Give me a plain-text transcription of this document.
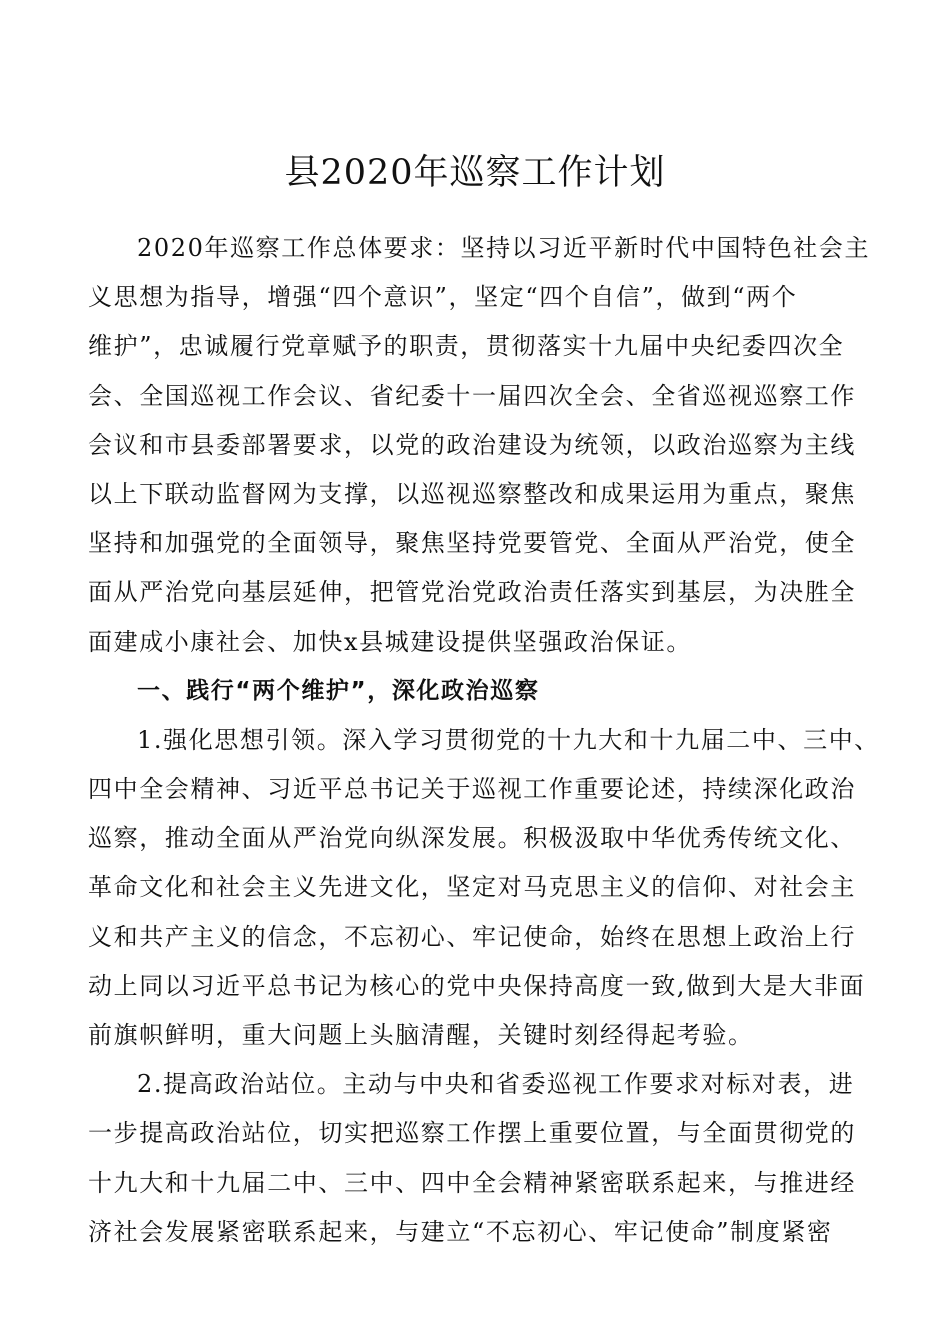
县2020年巡察工作计划
2020年巡察工作总体要求：坚持以习近平新时代中国特色社会主
义思想为指导，增强“四个意识”，坚定“四个自信”，做到“两个
维护”，忠诚履行党章赋予的职责，贯彻落实十九届中央纪委四次全
会、全国巡视工作会议、省纪委十一届四次全会、全省巡视巡察工作
会议和市县委部署要求，以党的政治建设为统领，以政治巡察为主线
以上下联动监督网为支撑，以巡视巡察整改和成果运用为重点，聚焦
坚持和加强党的全面领导，聚焦坚持党要管党、全面从严治党，使全
面从严治党向基层延伸，把管党治党政治责任落实到基层，为决胜全
面建成小康社会、加快x县城建设提供坚强政治保证。
一、践行“两个维护”，深化政治巡察
1.强化思想引领。深入学习贯彻党的十九大和十九届二中、三中、
四中全会精神、习近平总书记关于巡视工作重要论述，持续深化政治
巡察，推动全面从严治党向纵深发展。积极汲取中华优秀传统文化、
革命文化和社会主义先进文化，坚定对马克思主义的信仰、对社会主
义和共产主义的信念，不忘初心、牢记使命，始终在思想上政治上行
动上同以习近平总书记为核心的党中央保持高度一致,做到大是大非面
前旗帜鲜明，重大问题上头脑清醒，关键时刻经得起考验。
2.提高政治站位。主动与中央和省委巡视工作要求对标对表，进
一步提高政治站位，切实把巡察工作摆上重要位置，与全面贯彻党的
十九大和十九届二中、三中、四中全会精神紧密联系起来，与推进经
济社会发展紧密联系起来，与建立“不忘初心、牢记使命”制度紧密
